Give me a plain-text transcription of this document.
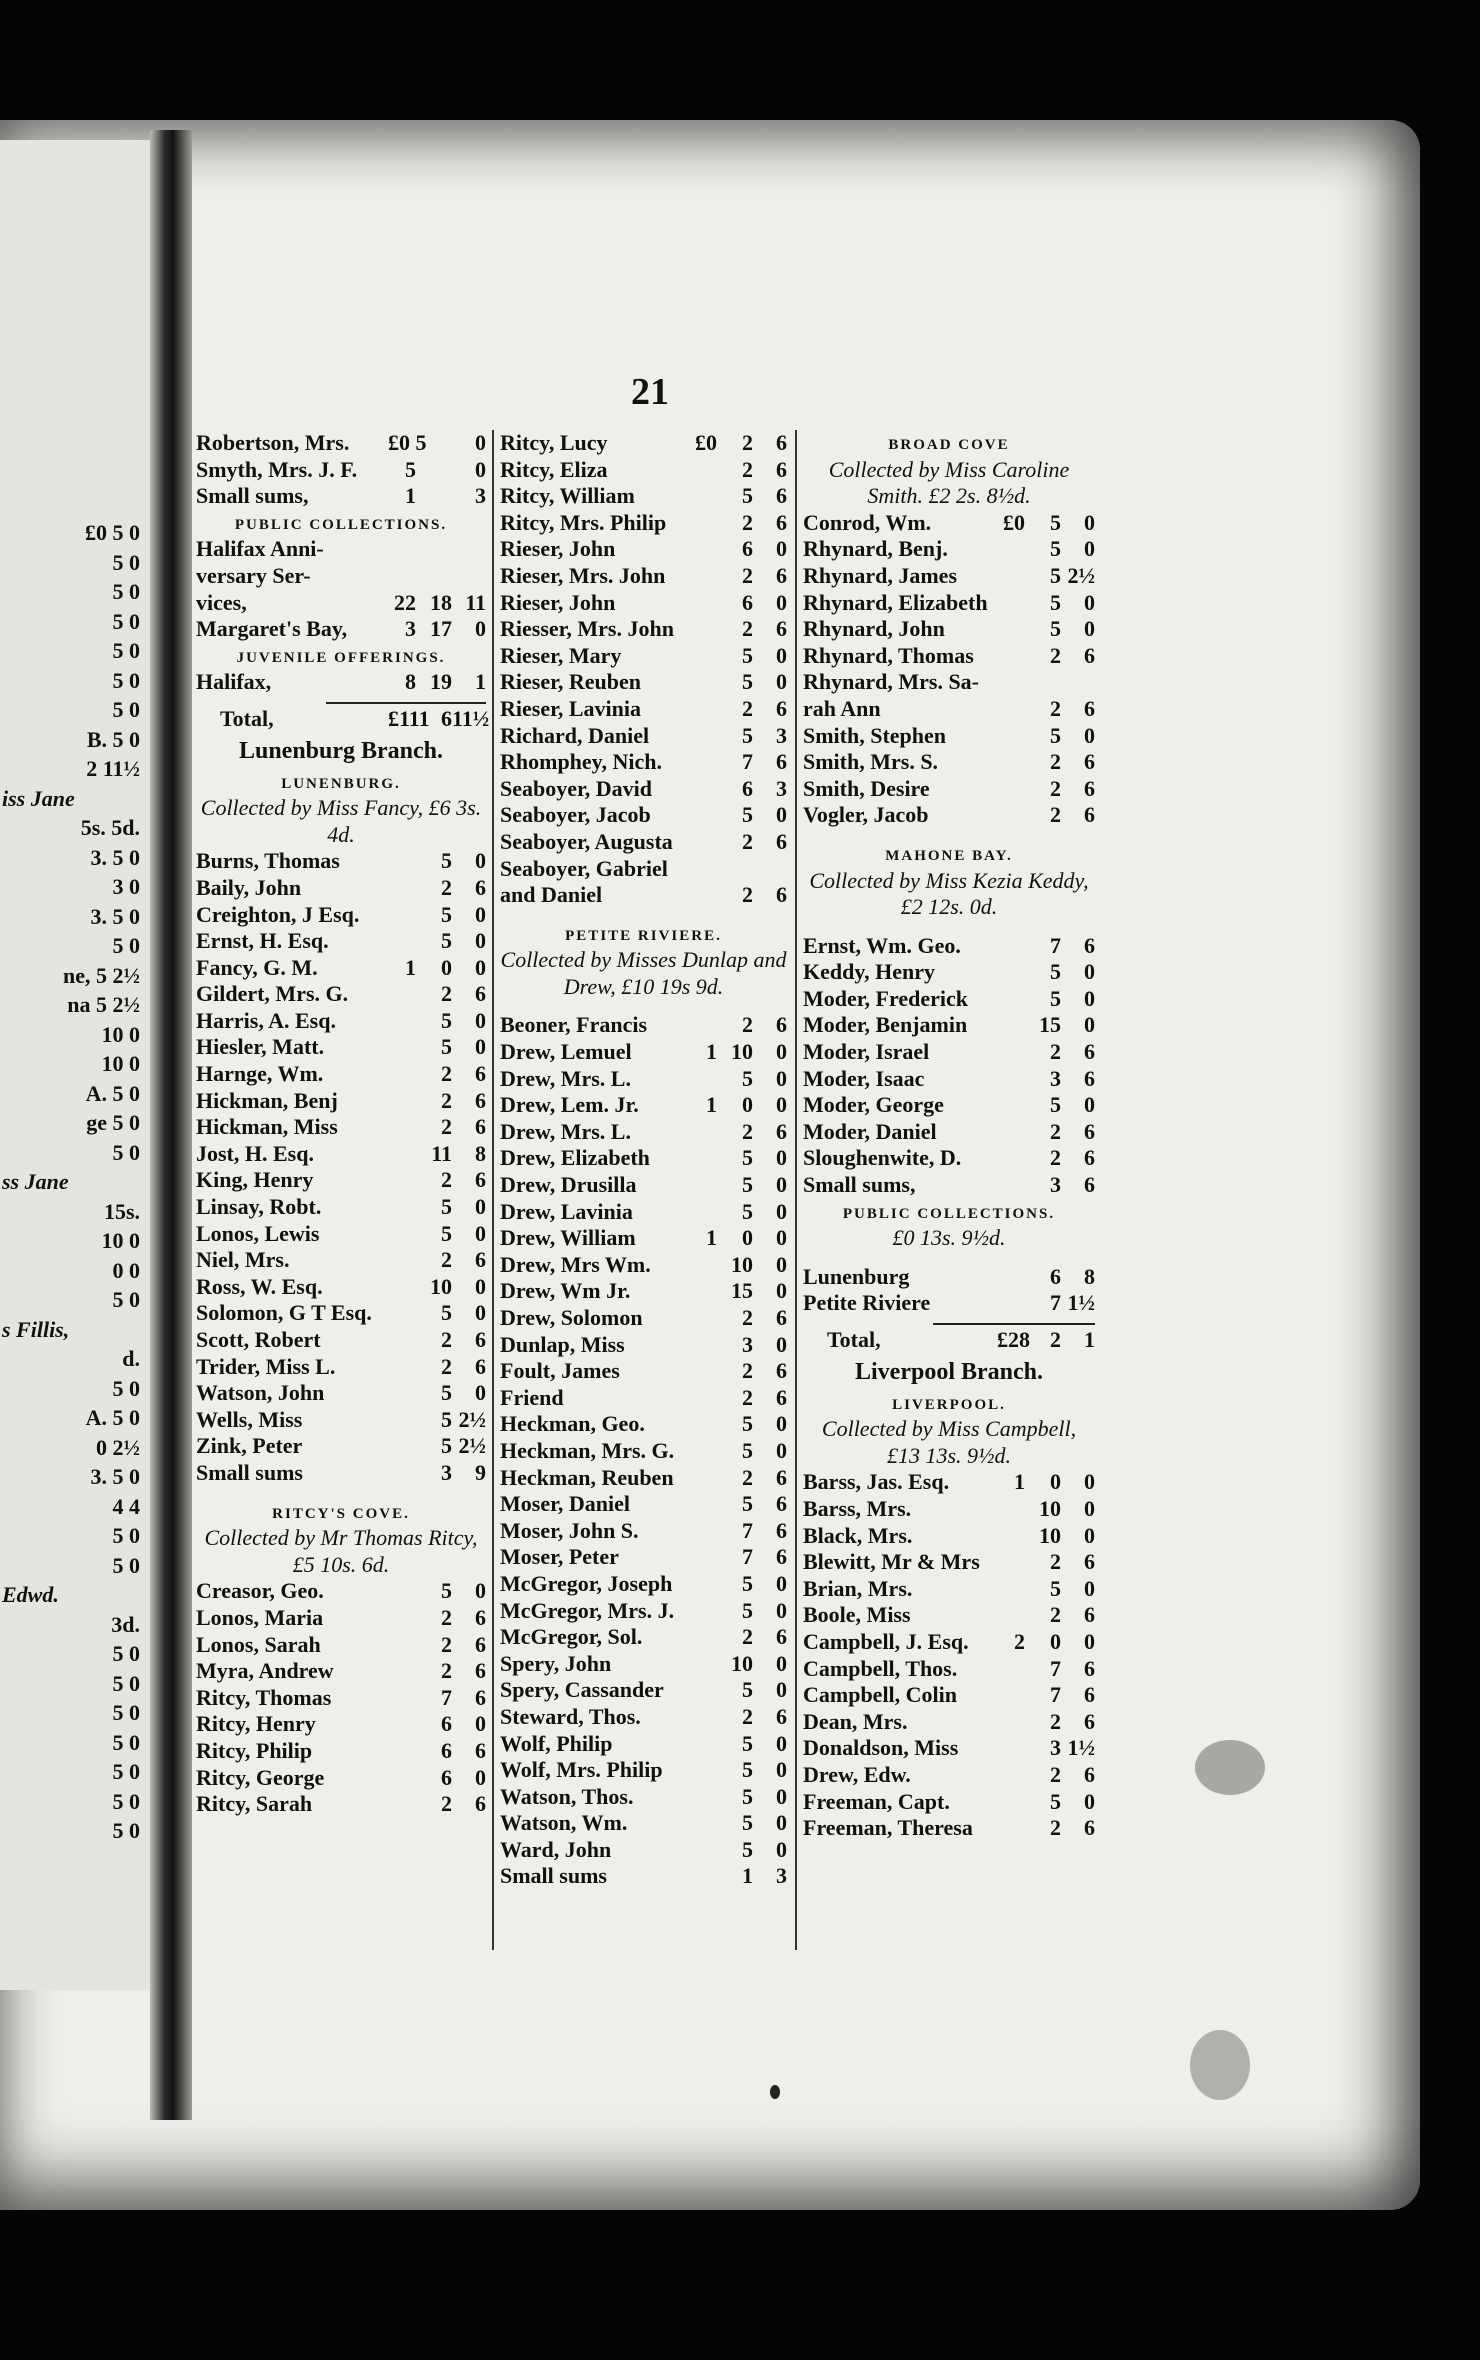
£0 5 0
5 0
5 0
5 0
5 0
5 0
5 0
B. 5 0
2 11½
iss Jane
5s. 5d.
3. 5 0
3 0
3. 5 0
5 0
ne, 5 2½
na 5 2½
10 0
10 0
A. 5 0
ge 5 0
5 0
ss Jane
15s.
10 0
0 0
5 0
s Fillis,
d.
5 0
A. 5 0
0 2½
3. 5 0
4 4
5 0
5 0
Edwd.
3d.
5 0
5 0
5 0
5 0
5 0
5 0
5 0
21
Robertson, Mrs.	£0 5	0
Smyth, Mrs. J. F.	5	0
Small sums,	1	3
PUBLIC COLLECTIONS.
Halifax Anni-
versary Ser-
vices,	22 18 11
Margaret's Bay,	3 17	0
JUVENILE OFFERINGS.
Halifax,	8 19	1
Total,	£111 6 11½
Lunenburg Branch.
LUNENBURG.
Collected by Miss Fancy, £6 3s. 4d.
Burns, Thomas	5	0
Baily, John	2	6
Creighton, J Esq.	5	0
Ernst, H. Esq.	5	0
Fancy, G. M.	1	0	0
Gildert, Mrs. G.	2	6
Harris, A. Esq.	5	0
Hiesler, Matt.	5	0
Harnge, Wm.	2	6
Hickman, Benj	2	6
Hickman, Miss	2	6
Jost, H. Esq.	11	8
King, Henry	2	6
Linsay, Robt.	5	0
Lonos, Lewis	5	0
Niel, Mrs.	2	6
Ross, W. Esq.	10	0
Solomon, G T Esq.	5	0
Scott, Robert	2	6
Trider, Miss L.	2	6
Watson, John	5	0
Wells, Miss	5 2½
Zink, Peter	5 2½
Small sums	3	9
RITCY'S COVE.
Collected by Mr Thomas Ritcy, £5 10s. 6d.
Creasor, Geo.	5	0
Lonos, Maria	2	6
Lonos, Sarah	2	6
Myra, Andrew	2	6
Ritcy, Thomas	7	6
Ritcy, Henry	6	0
Ritcy, Philip	6	6
Ritcy, George	6	0
Ritcy, Sarah	2	6
Ritcy, Lucy	£0	2	6
Ritcy, Eliza	2	6
Ritcy, William	5	6
Ritcy, Mrs. Philip	2	6
Rieser, John	6	0
Rieser, Mrs. John	2	6
Rieser, John	6	0
Riesser, Mrs. John	2	6
Rieser, Mary	5	0
Rieser, Reuben	5	0
Rieser, Lavinia	2	6
Richard, Daniel	5	3
Rhomphey, Nich.	7	6
Seaboyer, David	6	3
Seaboyer, Jacob	5	0
Seaboyer, Augusta	2	6
Seaboyer, Gabriel
and Daniel	2	6
PETITE RIVIERE.
Collected by Misses Dunlap and Drew, £10 19s 9d.
Beoner, Francis	2	6
Drew, Lemuel	1 10	0
Drew, Mrs. L.	5	0
Drew, Lem. Jr.	1	0	0
Drew, Mrs. L.	2	6
Drew, Elizabeth	5	0
Drew, Drusilla	5	0
Drew, Lavinia	5	0
Drew, William	1	0	0
Drew, Mrs Wm.	10	0
Drew, Wm Jr.	15	0
Drew, Solomon	2	6
Dunlap, Miss	3	0
Foult, James	2	6
Friend	2	6
Heckman, Geo.	5	0
Heckman, Mrs. G.	5	0
Heckman, Reuben	2	6
Moser, Daniel	5	6
Moser, John S.	7	6
Moser, Peter	7	6
McGregor, Joseph	5	0
McGregor, Mrs. J.	5	0
McGregor, Sol.	2	6
Spery, John	10	0
Spery, Cassander	5	0
Steward, Thos.	2	6
Wolf, Philip	5	0
Wolf, Mrs. Philip	5	0
Watson, Thos.	5	0
Watson, Wm.	5	0
Ward, John	5	0
Small sums	1	3
BROAD COVE
Collected by Miss Caroline Smith. £2 2s. 8½d.
Conrod, Wm.	£0	5	0
Rhynard, Benj.	5	0
Rhynard, James	5 2½
Rhynard, Elizabeth	5	0
Rhynard, John	5	0
Rhynard, Thomas	2	6
Rhynard, Mrs. Sa-
rah Ann	2	6
Smith, Stephen	5	0
Smith, Mrs. S.	2	6
Smith, Desire	2	6
Vogler, Jacob	2	6
MAHONE BAY.
Collected by Miss Kezia Keddy, £2 12s. 0d.
Ernst, Wm. Geo.	7	6
Keddy, Henry	5	0
Moder, Frederick	5	0
Moder, Benjamin	15	0
Moder, Israel	2	6
Moder, Isaac	3	6
Moder, George	5	0
Moder, Daniel	2	6
Sloughenwite, D.	2	6
Small sums,	3	6
PUBLIC COLLECTIONS.
£0 13s. 9½d.
Lunenburg	6	8
Petite Riviere	7 1½
Total,	£28 2	1
Liverpool Branch.
LIVERPOOL.
Collected by Miss Campbell, £13 13s. 9½d.
Barss, Jas. Esq.	1	0	0
Barss, Mrs.	10	0
Black, Mrs.	10	0
Blewitt, Mr & Mrs	2	6
Brian, Mrs.	5	0
Boole, Miss	2	6
Campbell, J. Esq.	2	0	0
Campbell, Thos.	7	6
Campbell, Colin	7	6
Dean, Mrs.	2	6
Donaldson, Miss	3 1½
Drew, Edw.	2	6
Freeman, Capt.	5	0
Freeman, Theresa	2	6
